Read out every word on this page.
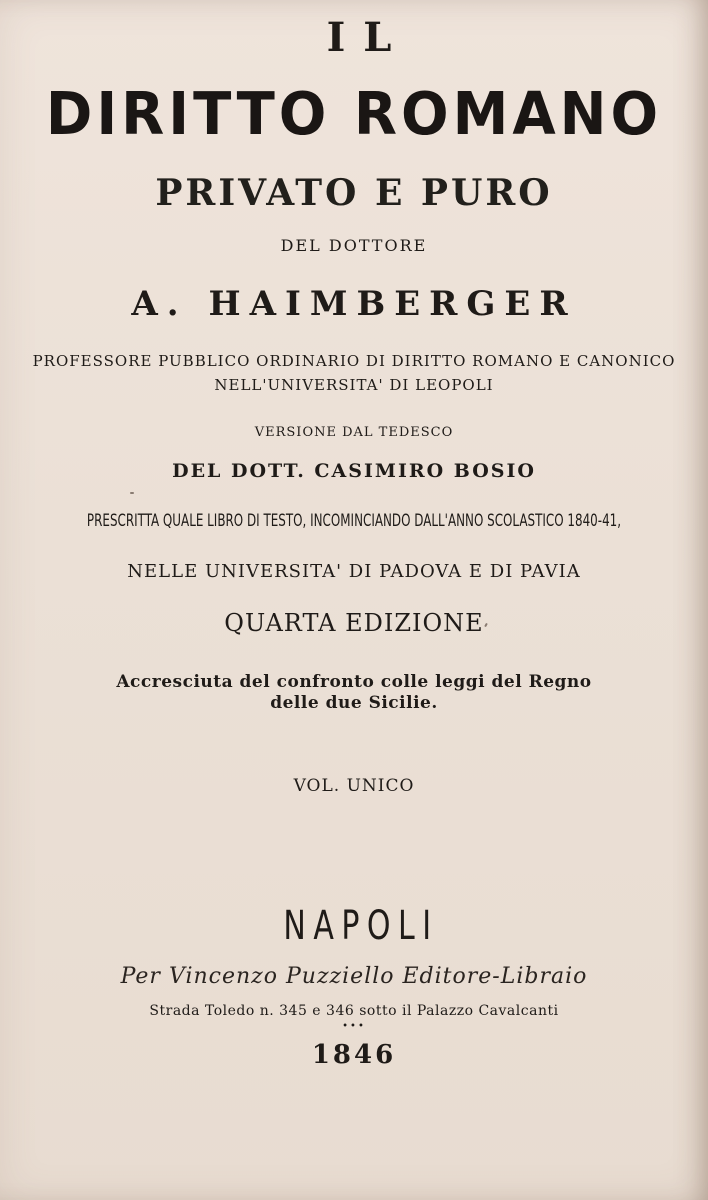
IL
DIRITTO ROMANO
PRIVATO E PURO
DEL DOTTORE
A. HAIMBERGER
PROFESSORE PUBBLICO ORDINARIO DI DIRITTO ROMANO E CANONICO
NELL'UNIVERSITA' DI LEOPOLI
VERSIONE DAL TEDESCO
DEL DOTT. CASIMIRO BOSIO
PRESCRITTA QUALE LIBRO DI TESTO, INCOMINCIANDO DALL'ANNO SCOLASTICO 1840-41,
NELLE UNIVERSITA' DI PADOVA E DI PAVIA
QUARTA EDIZIONE
Accresciuta del confronto colle leggi del Regno
delle due Sicilie.
VOL. UNICO
NAPOLI
Per Vincenzo Puzziello Editore-Libraio
Strada Toledo n. 345 e 346 sotto il Palazzo Cavalcanti
•••
1846
